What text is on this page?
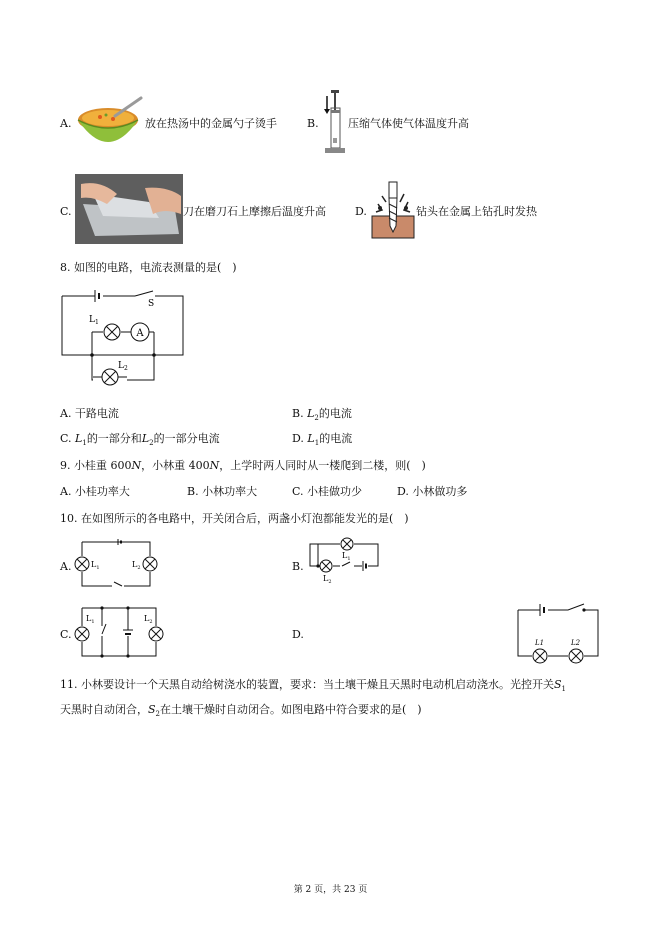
A.	放在热汤中的金属勺子烫手	B.	压缩气体使气体温度升高
C.	刀在磨刀石上摩擦后温度升高	D.	钻头在金属上钻孔时发热
8. 如图的电路，电流表测量的是(　)
A
S
$L_1$
$L_2$
A. 干路电流	B. $L_2$的电流
C. $L_1$的一部分和$L_2$的一部分电流	D. $L_1$的电流
9. 小桂重 600N，小林重 400N，上学时两人同时从一楼爬到二楼，则(　)
A. 小桂功率大	B. 小林功率大	C. 小桂做功少	D. 小林做功多
10. 在如图所示的各电路中，开关闭合后，两盏小灯泡都能发光的是(　)
A. $L_1$	$L_2$	B.
$L_1$
$L_2$
C.
$L_1$	$L_2$
D.
L1	L2
11. 小林要设计一个天黑自动给树浇水的装置，要求：当土壤干燥且天黑时电动机启动浇水。光控开关$S_1$
天黑时自动闭合，$S_2$在土壤干燥时自动闭合。如图电路中符合要求的是(　)
第 2 页，共 23 页
